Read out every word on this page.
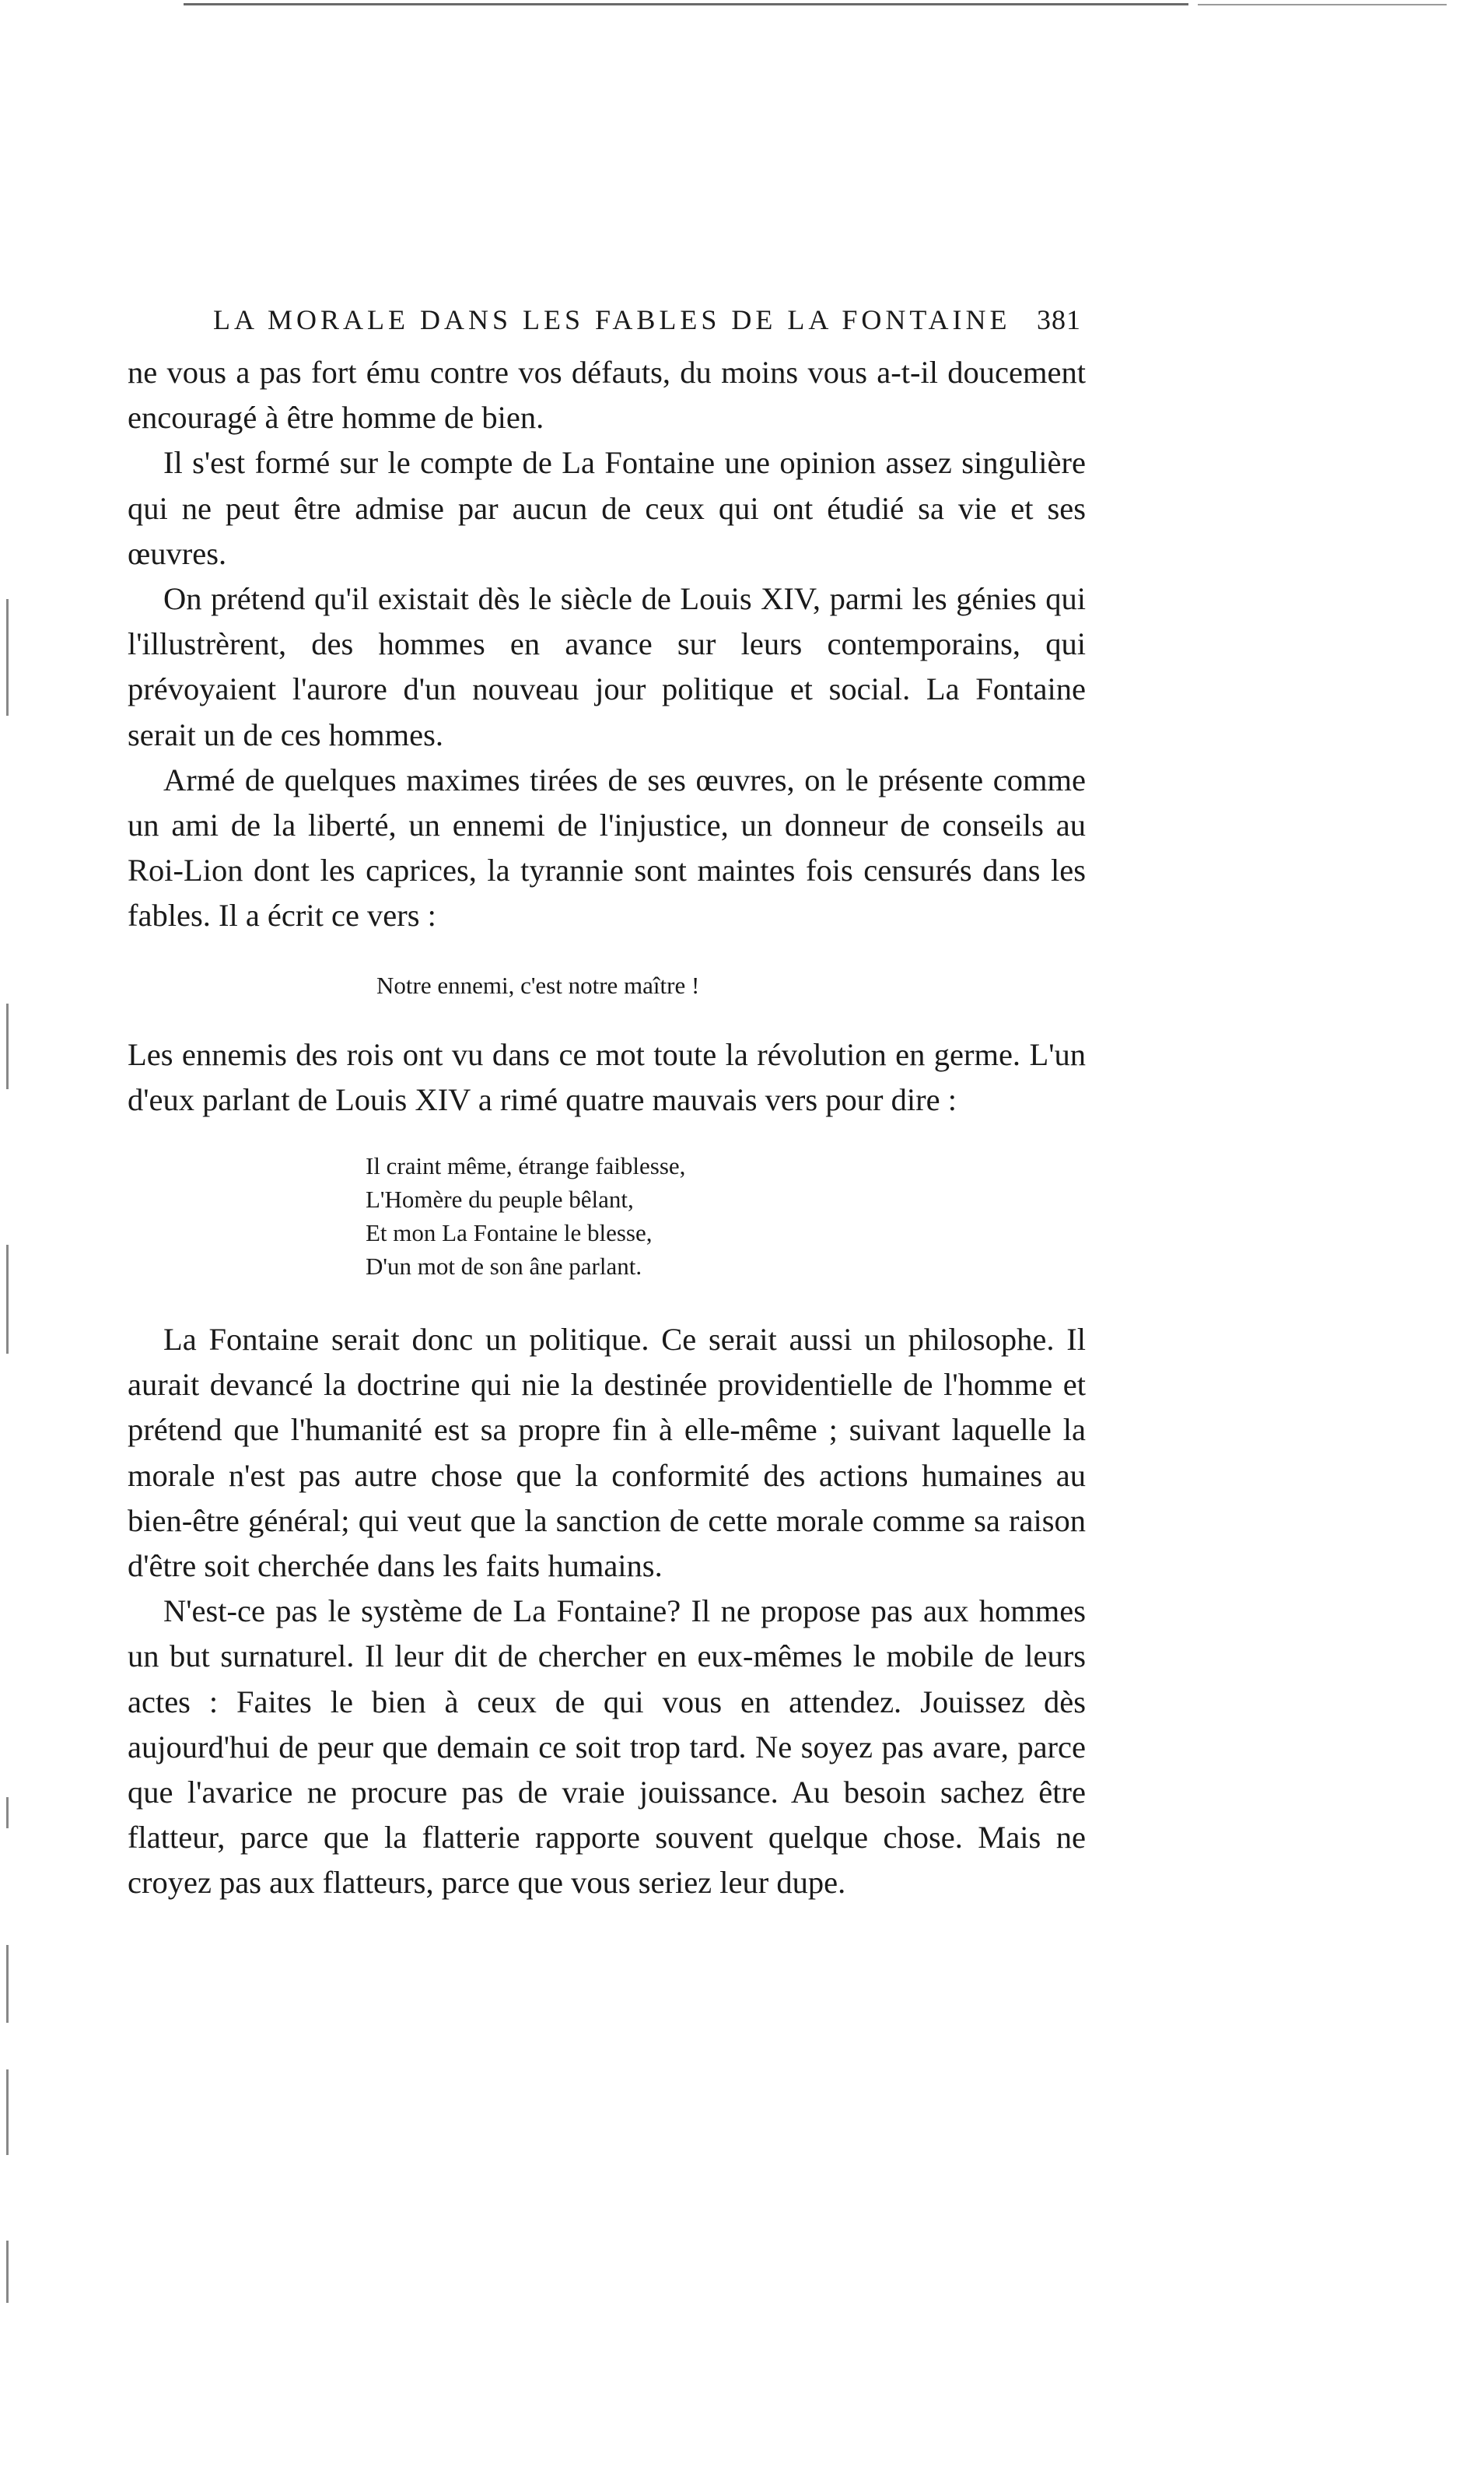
LA MORALE DANS LES FABLES DE LA FONTAINE 381

ne vous a pas fort ému contre vos défauts, du moins vous a-t-il doucement encouragé à être homme de bien.

Il s'est formé sur le compte de La Fontaine une opinion assez singulière qui ne peut être admise par aucun de ceux qui ont étudié sa vie et ses œuvres.

On prétend qu'il existait dès le siècle de Louis XIV, parmi les génies qui l'illustrèrent, des hommes en avance sur leurs contemporains, qui prévoyaient l'aurore d'un nouveau jour politique et social. La Fontaine serait un de ces hommes.

Armé de quelques maximes tirées de ses œuvres, on le présente comme un ami de la liberté, un ennemi de l'injustice, un donneur de conseils au Roi-Lion dont les caprices, la tyrannie sont maintes fois censurés dans les fables. Il a écrit ce vers :

Notre ennemi, c'est notre maître !

Les ennemis des rois ont vu dans ce mot toute la révolution en germe. L'un d'eux parlant de Louis XIV a rimé quatre mauvais vers pour dire :

Il craint même, étrange faiblesse,
L'Homère du peuple bêlant,
Et mon La Fontaine le blesse,
D'un mot de son âne parlant.

La Fontaine serait donc un politique. Ce serait aussi un philosophe. Il aurait devancé la doctrine qui nie la destinée providentielle de l'homme et prétend que l'humanité est sa propre fin à elle-même ; suivant laquelle la morale n'est pas autre chose que la conformité des actions humaines au bien-être général; qui veut que la sanction de cette morale comme sa raison d'être soit cherchée dans les faits humains.

N'est-ce pas le système de La Fontaine? Il ne propose pas aux hommes un but surnaturel. Il leur dit de chercher en eux-mêmes le mobile de leurs actes : Faites le bien à ceux de qui vous en attendez. Jouissez dès aujourd'hui de peur que demain ce soit trop tard. Ne soyez pas avare, parce que l'avarice ne procure pas de vraie jouissance. Au besoin sachez être flatteur, parce que la flatterie rapporte souvent quelque chose. Mais ne croyez pas aux flatteurs, parce que vous seriez leur dupe.
